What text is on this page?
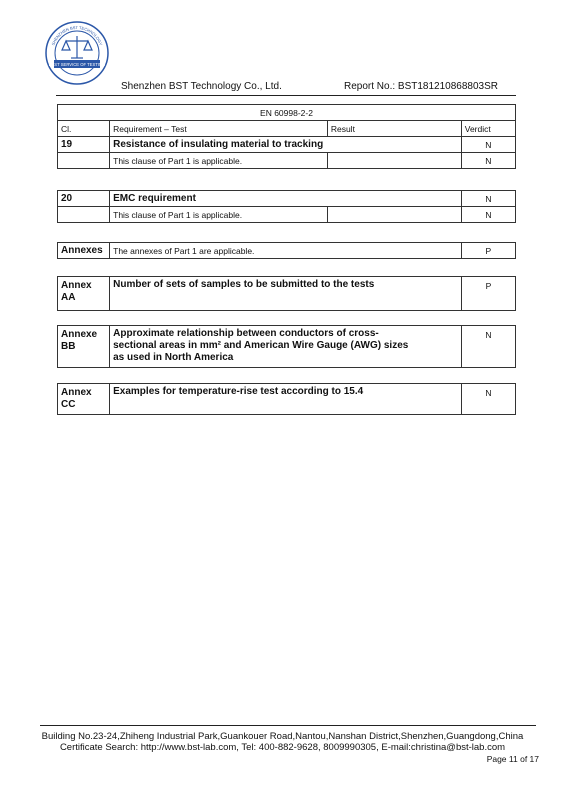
BEST SERVICE OF TESTING
SHENZHEN BST TECHNOLOGY
Shenzhen BST Technology Co., Ltd.	Report No.: BST181210868803SR
EN 60998-2-2			
Cl.	Requirement – Test	Result	Verdict
19	Resistance of insulating material to tracking		N
	This clause of Part 1 is applicable.		N
20	EMC requirement		N
	This clause of Part 1 is applicable.		N
Annexes	The annexes of Part 1 are applicable.	P
Annex
AA	Number of sets of samples to be submitted to the tests	P
Annexe
BB	Approximate relationship between conductors of cross-
sectional areas in mm² and American Wire Gauge (AWG) sizes
as used in North America	N
Annex
CC	Examples for temperature-rise test according to 15.4	N
Building No.23-24,Zhiheng Industrial Park,Guankouer Road,Nantou,Nanshan District,Shenzhen,Guangdong,China
Certificate Search: http://www.bst-lab.com, Tel: 400-882-9628, 8009990305, E-mail:christina@bst-lab.com
Page 11 of 17
